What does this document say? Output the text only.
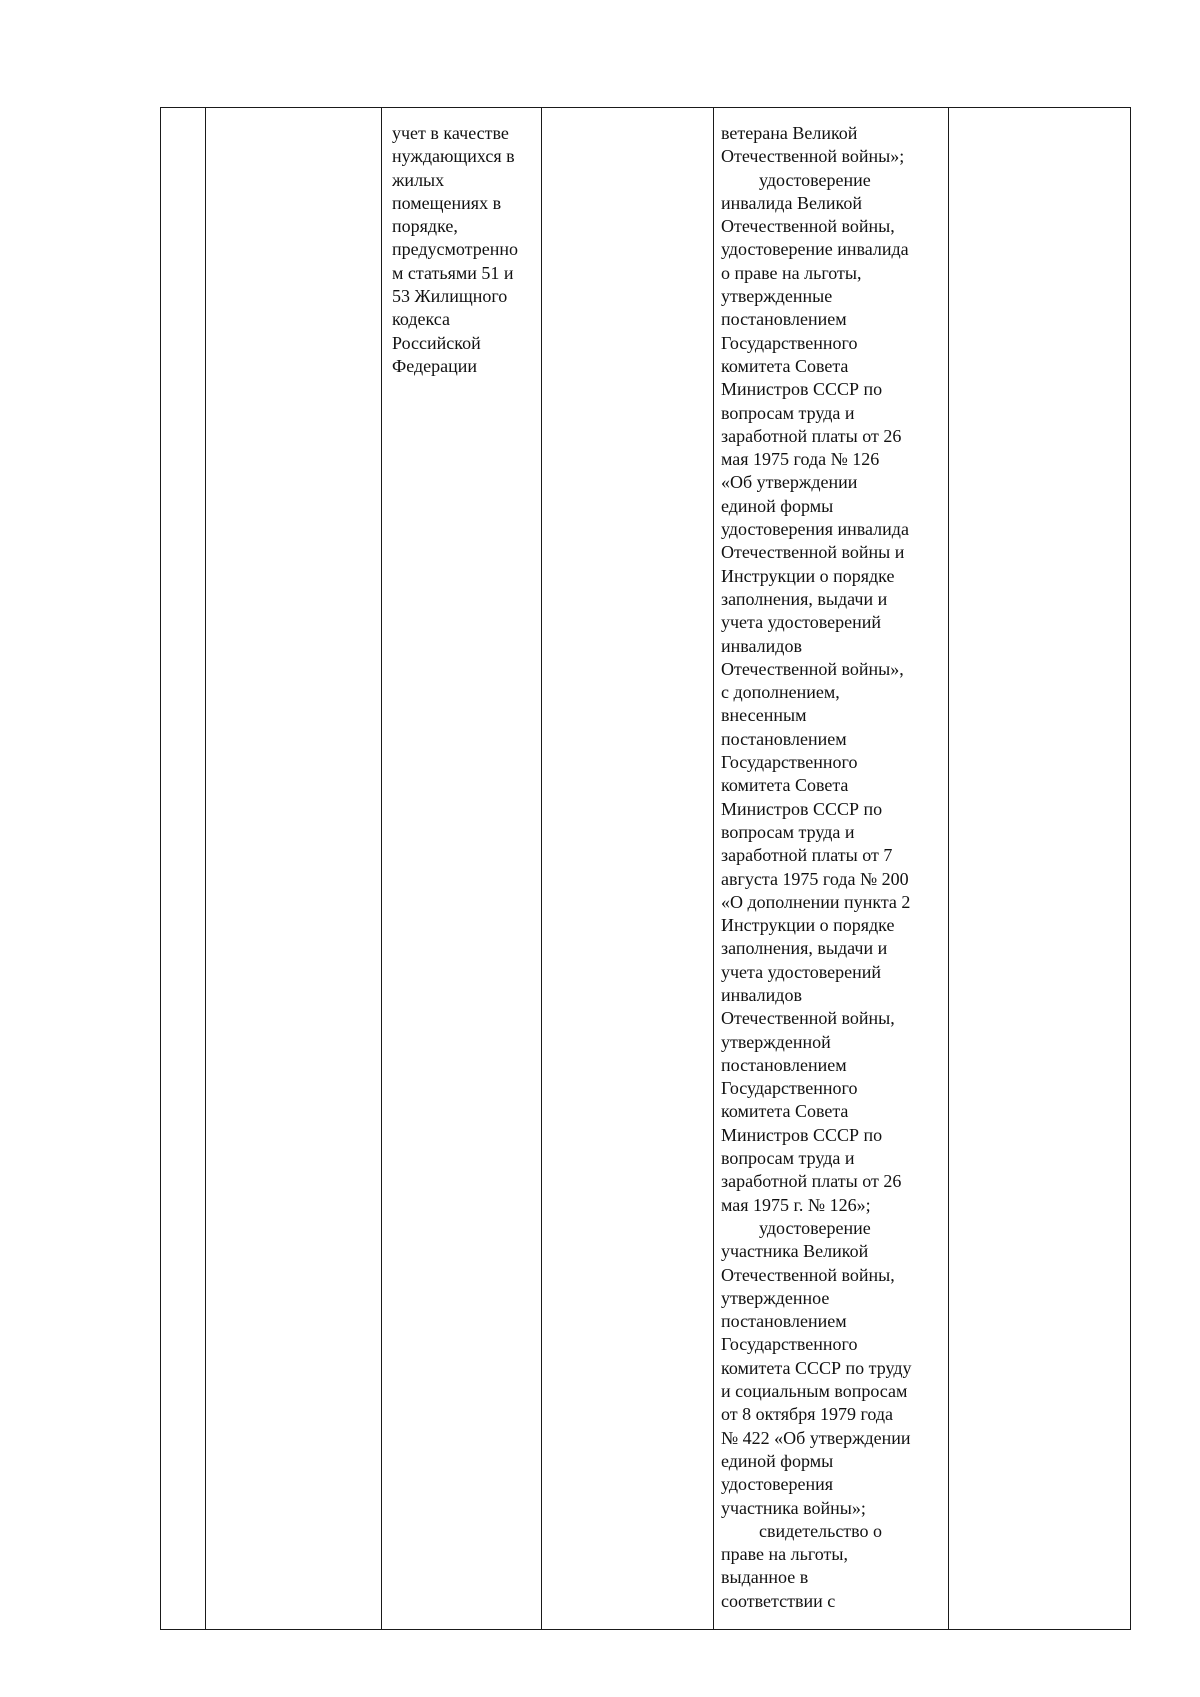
учет в качестве
нуждающихся в
жилых
помещениях в
порядке,
предусмотренно
м статьями 51 и
53 Жилищного
кодекса
Российской
Федерации

ветерана Великой
Отечественной войны»;
удостоверение
инвалида Великой
Отечественной войны,
удостоверение инвалида
о праве на льготы,
утвержденные
постановлением
Государственного
комитета Совета
Министров СССР по
вопросам труда и
заработной платы от 26
мая 1975 года № 126
«Об утверждении
единой формы
удостоверения инвалида
Отечественной войны и
Инструкции о порядке
заполнения, выдачи и
учета удостоверений
инвалидов
Отечественной войны»,
с дополнением,
внесенным
постановлением
Государственного
комитета Совета
Министров СССР по
вопросам труда и
заработной платы от 7
августа 1975 года № 200
«О дополнении пункта 2
Инструкции о порядке
заполнения, выдачи и
учета удостоверений
инвалидов
Отечественной войны,
утвержденной
постановлением
Государственного
комитета Совета
Министров СССР по
вопросам труда и
заработной платы от 26
мая 1975 г. № 126»;
удостоверение
участника Великой
Отечественной войны,
утвержденное
постановлением
Государственного
комитета СССР по труду
и социальным вопросам
от 8 октября 1979 года
№ 422 «Об утверждении
единой формы
удостоверения
участника войны»;
свидетельство о
праве на льготы,
выданное в
соответствии с
